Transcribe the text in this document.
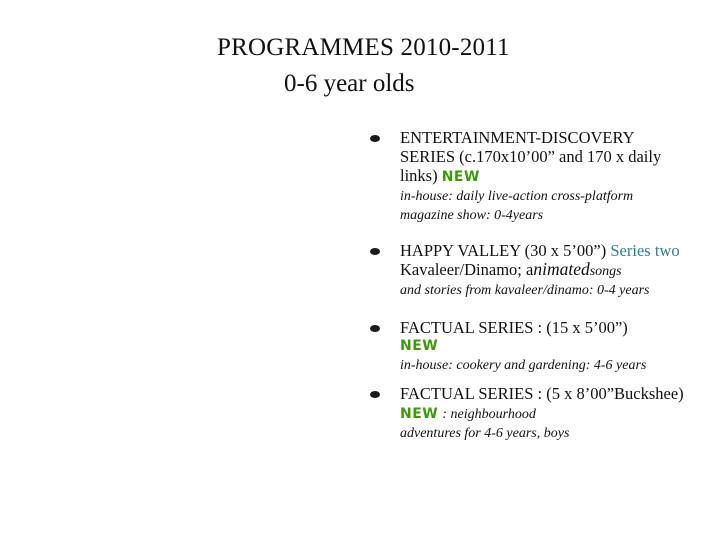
PROGRAMMES 2010-2011
0-6 year olds
ENTERTAINMENT-DISCOVERY SERIES (c.170x10’00” and 170 x daily links) NEW
in-house: daily live-action cross-platform magazine show: 0-4years
HAPPY VALLEY (30 x 5’00”) Series two Kavaleer/Dinamo; animatedsongs
and stories from kavaleer/dinamo: 0-4 years
FACTUAL SERIES : (15 x 5’00”)
NEW
in-house: cookery and gardening: 4-6 years
FACTUAL SERIES : (5 x 8’00”Buckshee) NEW : neighbourhood
adventures for 4-6 years, boys
